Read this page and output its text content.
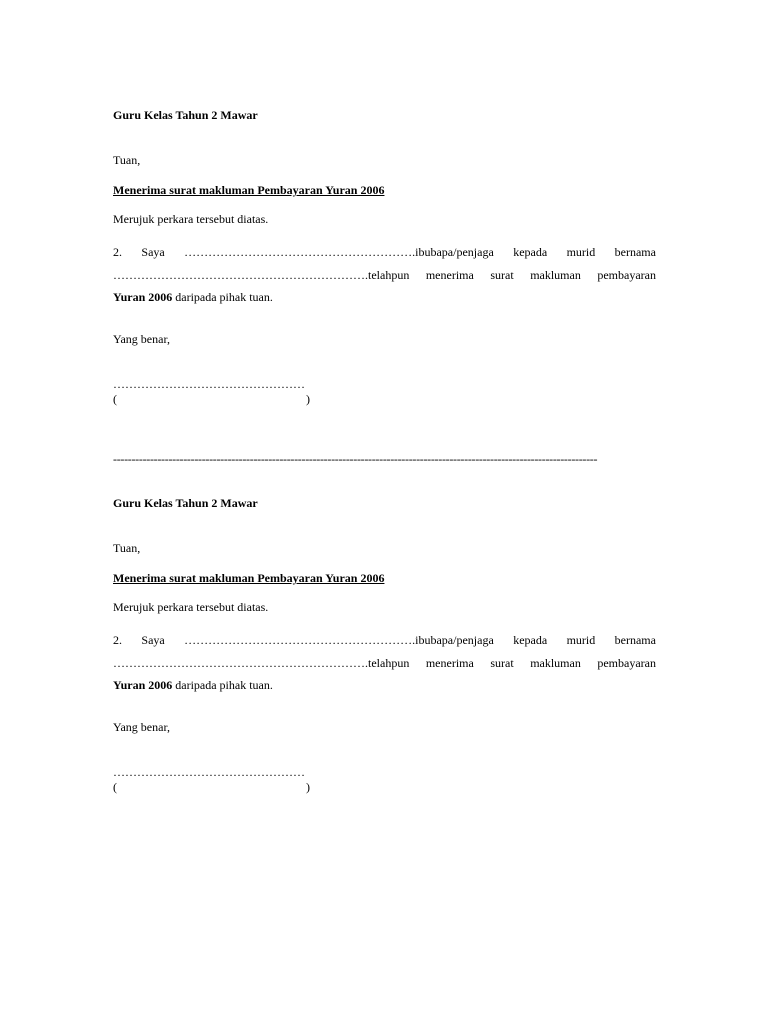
Guru Kelas Tahun 2 Mawar
Tuan,
Menerima surat makluman Pembayaran Yuran 2006
Merujuk perkara tersebut diatas.
2. Saya ………………………………………………….ibubapa/penjaga kepada murid bernama
……………………………………………………….telahpun menerima surat makluman pembayaran
Yuran 2006
daripada pihak tuan.
Yang benar,
…………………………………………
(	)
-----------------------------------------------------------------------------------------------------------------------------------
Guru Kelas Tahun 2 Mawar
Tuan,
Menerima surat makluman Pembayaran Yuran 2006
Merujuk perkara tersebut diatas.
2. Saya ………………………………………………….ibubapa/penjaga kepada murid bernama
……………………………………………………….telahpun menerima surat makluman pembayaran
Yuran 2006
daripada pihak tuan.
Yang benar,
…………………………………………
(	)
